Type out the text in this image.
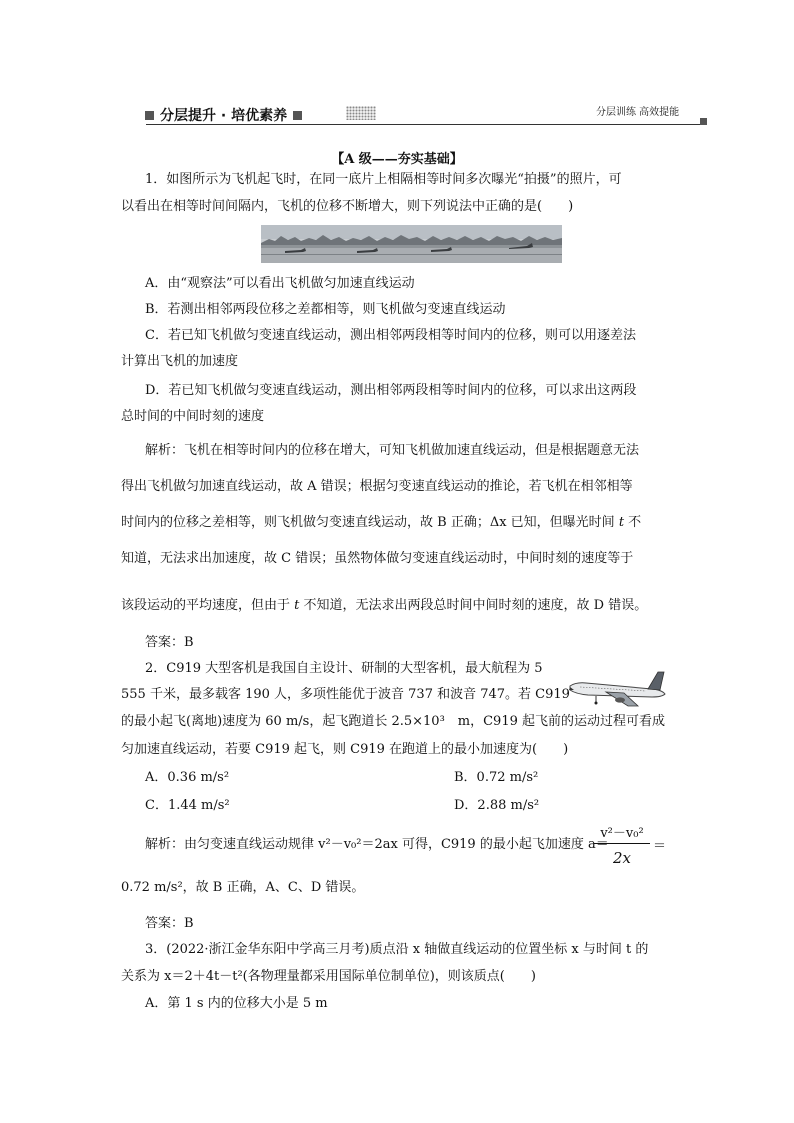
分层提升 · 培优素养	分层训练 高效提能
【A 级——夯实基础】
1．如图所示为飞机起飞时，在同一底片上相隔相等时间多次曝光“拍摄”的照片，可
以看出在相等时间间隔内，飞机的位移不断增大，则下列说法中正确的是(　　)
A．由“观察法”可以看出飞机做匀加速直线运动
B．若测出相邻两段位移之差都相等，则飞机做匀变速直线运动
C．若已知飞机做匀变速直线运动，测出相邻两段相等时间内的位移，则可以用逐差法
计算出飞机的加速度
D．若已知飞机做匀变速直线运动，测出相邻两段相等时间内的位移，可以求出这两段
总时间的中间时刻的速度
解析：飞机在相等时间内的位移在增大，可知飞机做加速直线运动，但是根据题意无法
得出飞机做匀加速直线运动，故 A 错误；根据匀变速直线运动的推论，若飞机在相邻相等
时间内的位移之差相等，则飞机做匀变速直线运动，故 B 正确；Δx 已知，但曝光时间 t 不
知道，无法求出加速度，故 C 错误；虽然物体做匀变速直线运动时，中间时刻的速度等于
该段运动的平均速度，但由于 t 不知道，无法求出两段总时间中间时刻的速度，故 D 错误。
答案：B
2．C919 大型客机是我国自主设计、研制的大型客机，最大航程为 5
555 千米，最多载客 190 人，多项性能优于波音 737 和波音 747。若 C919
的最小起飞(离地)速度为 60 m/s，起飞跑道长 2.5×10³　m，C919 起飞前的运动过程可看成
匀加速直线运动，若要 C919 起飞，则 C919 在跑道上的最小加速度为(　　)
A．0.36 m/s²	B．0.72 m/s²
C．1.44 m/s²	D．2.88 m/s²
解析：由匀变速直线运动规律 v²－v₀²＝2ax 可得，C919 的最小起飞加速度 a＝
v²－v₀²
2x
＝
0.72 m/s²，故 B 正确，A、C、D 错误。
答案：B
3．(2022·浙江金华东阳中学高三月考)质点沿 x 轴做直线运动的位置坐标 x 与时间 t 的
关系为 x＝2＋4t－t²(各物理量都采用国际单位制单位)，则该质点(　　)
A．第 1 s 内的位移大小是 5 m
